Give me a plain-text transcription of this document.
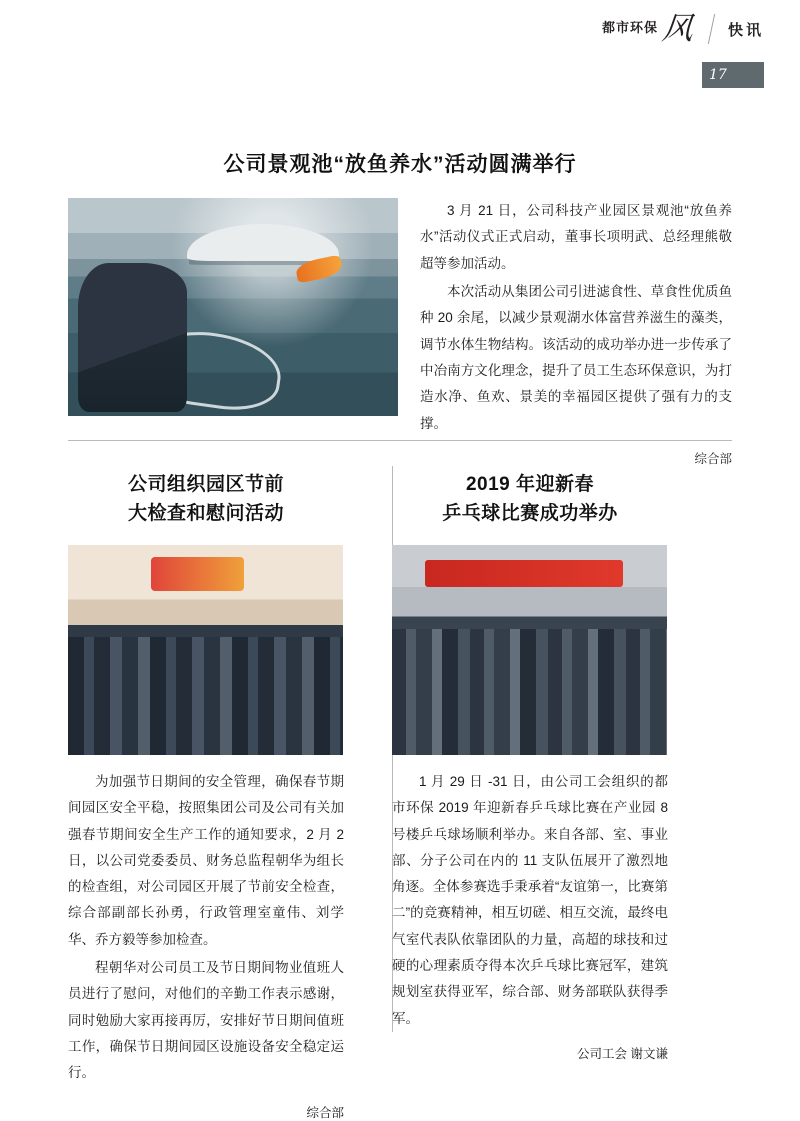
都市环保 风 快讯
17
公司景观池“放鱼养水”活动圆满举行

3 月 21 日，公司科技产业园区景观池“放鱼养水”活动仪式正式启动，董事长项明武、总经理熊敬超等参加活动。

本次活动从集团公司引进滤食性、草食性优质鱼种 20 余尾，以减少景观湖水体富营养滋生的藻类，调节水体生物结构。该活动的成功举办进一步传承了中冶南方文化理念，提升了员工生态环保意识，为打造水净、鱼欢、景美的幸福园区提供了强有力的支撑。

综合部
公司组织园区节前
大检查和慰问活动

为加强节日期间的安全管理，确保春节期间园区安全平稳，按照集团公司及公司有关加强春节期间安全生产工作的通知要求，2 月 2 日，以公司党委委员、财务总监程朝华为组长的检查组，对公司园区开展了节前安全检查，综合部副部长孙勇，行政管理室童伟、刘学华、乔方毅等参加检查。

程朝华对公司员工及节日期间物业值班人员进行了慰问，对他们的辛勤工作表示感谢，同时勉励大家再接再厉，安排好节日期间值班工作，确保节日期间园区设施设备安全稳定运行。

综合部
2019 年迎新春
乒乓球比赛成功举办

1 月 29 日 -31 日，由公司工会组织的都市环保 2019 年迎新春乒乓球比赛在产业园 8 号楼乒乓球场顺利举办。来自各部、室、事业部、分子公司在内的 11 支队伍展开了激烈地角逐。全体参赛选手秉承着“友谊第一，比赛第二”的竞赛精神，相互切磋、相互交流，最终电气室代表队依靠团队的力量，高超的球技和过硬的心理素质夺得本次乒乓球比赛冠军，建筑规划室获得亚军，综合部、财务部联队获得季军。

公司工会 谢文谦
